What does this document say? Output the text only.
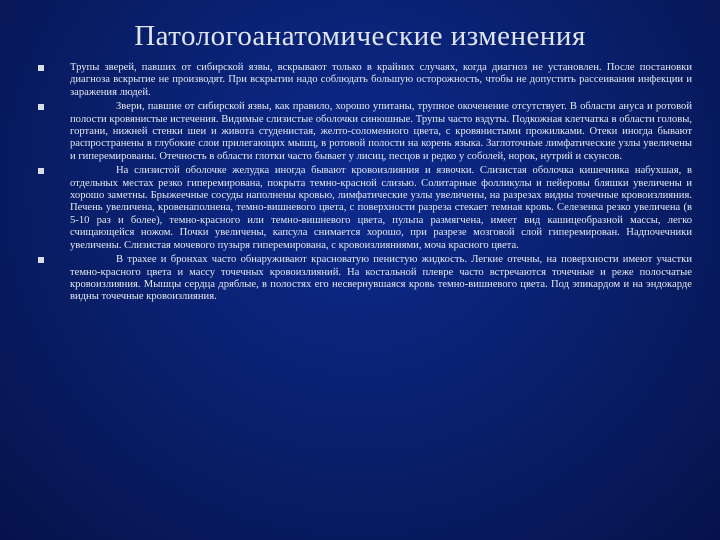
Патологоанатомические изменения
Трупы зверей, павших от сибирской язвы, вскрывают только в крайних случаях, когда диагноз не установлен. После постановки диагноза вскрытие не производят. При вскрытии надо соблюдать большую осторожность, чтобы не допустить рассеивания инфекции и заражения людей.
Звери, павшие от сибирской язвы, как правило, хорошо упитаны, трупное окоченение отсутствует. В области ануса и ротовой полости кровянистые истечения. Видимые слизистые оболочки синюшные. Трупы часто вздуты. Подкожная клетчатка в области головы, гортани, нижней стенки шеи и живота студенистая, желто-соломенного цвета, с кровянистыми прожилками. Отеки иногда бывают распространены в глубокие слои прилегающих мышц, в ротовой полости на корень языка. Заглоточные лимфатические узлы увеличены и гиперемированы. Отечность в области глотки часто бывает у лисиц, песцов и редко у соболей, норок, нутрий и скунсов.
На слизистой оболочке желудка иногда бывают кровоизлияния и язвочки. Слизистая оболочка кишечника набухшая, в отдельных местах резко гиперемирована, покрыта темно-красной слизью. Солитарные фолликулы и пейеровы бляшки увеличены и хорошо заметны. Брыжеечные сосуды наполнены кровью, лимфатические узлы увеличены, на разрезах видны точечные кровоизлияния. Печень увеличена, кровенаполнена, темно-вишневого цвета, с поверхности разреза стекает темная кровь. Селезенка резко увеличена (в 5-10 раз и более), темно-красного или темно-вишневого цвета, пульпа размягчена, имеет вид кашицеобразной массы, легко счищающейся ножом. Почки увеличены, капсула снимается хорошо, при разрезе мозговой слой гиперемирован. Надпочечники увеличены. Слизистая мочевого пузыря гиперемирована, с кровоизлияниями, моча красного цвета.
В трахее и бронхах часто обнаруживают красноватую пенистую жидкость. Легкие отечны, на поверхности имеют участки темно-красного цвета и массу точечных кровоизлияний. На костальной плевре часто встречаются точечные и реже полосчатые кровоизлияния. Мышцы сердца дряблые, в полостях его несвернувшаяся кровь темно-вишневого цвета. Под эпикардом и на эндокарде видны точечные кровоизлияния.
